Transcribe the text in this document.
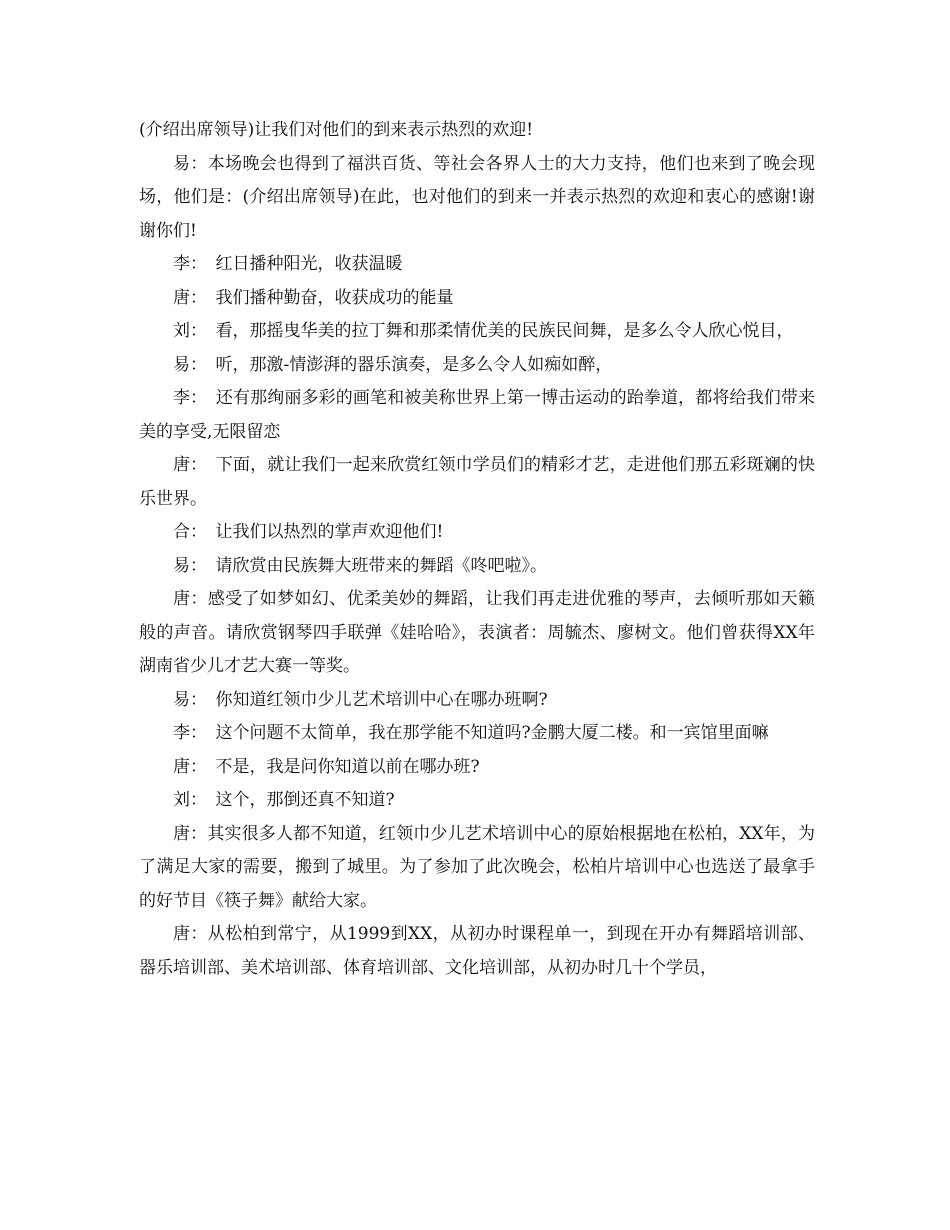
(介绍出席领导)让我们对他们的到来表示热烈的欢迎!

易：本场晚会也得到了福洪百货、等社会各界人士的大力支持，他们也来到了晚会现场，他们是：(介绍出席领导)在此，也对他们的到来一并表示热烈的欢迎和衷心的感谢!谢谢你们!

李：　红日播种阳光，收获温暖

唐：　我们播种勤奋，收获成功的能量

刘：　看，那摇曳华美的拉丁舞和那柔情优美的民族民间舞，是多么令人欣心悦目，

易：　听，那激-情澎湃的器乐演奏，是多么令人如痴如醉，

李：　还有那绚丽多彩的画笔和被美称世界上第一博击运动的跆拳道，都将给我们带来美的享受,无限留恋

唐：　下面，就让我们一起来欣赏红领巾学员们的精彩才艺，走进他们那五彩斑斓的快乐世界。

合：　让我们以热烈的掌声欢迎他们!

易：　请欣赏由民族舞大班带来的舞蹈《咚吧啦》。

唐：感受了如梦如幻、优柔美妙的舞蹈，让我们再走进优雅的琴声，去倾听那如天籁般的声音。请欣赏钢琴四手联弹《娃哈哈》，表演者：周毓杰、廖树文。他们曾获得XX年湖南省少儿才艺大赛一等奖。

易：　你知道红领巾少儿艺术培训中心在哪办班啊?

李：　这个问题不太简单，我在那学能不知道吗?金鹏大厦二楼。和一宾馆里面嘛

唐：　不是，我是问你知道以前在哪办班?

刘：　这个，那倒还真不知道?

唐：其实很多人都不知道，红领巾少儿艺术培训中心的原始根据地在松柏，XX年，为了满足大家的需要，搬到了城里。为了参加了此次晚会，松柏片培训中心也选送了最拿手的好节目《筷子舞》献给大家。

唐：从松柏到常宁，从1999到XX，从初办时课程单一，到现在开办有舞蹈培训部、器乐培训部、美术培训部、体育培训部、文化培训部，从初办时几十个学员，
